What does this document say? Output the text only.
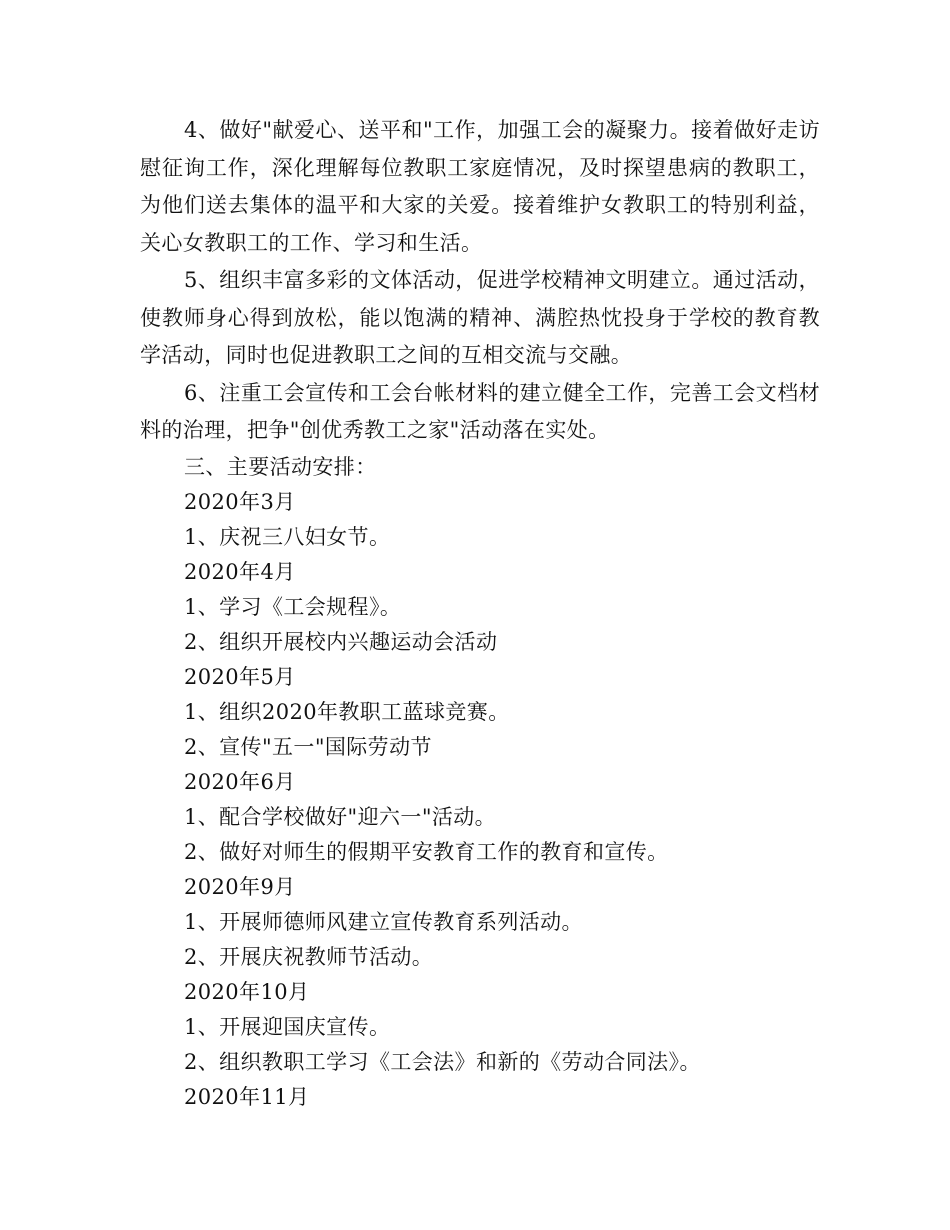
4、做好"献爱心、送平和"工作，加强工会的凝聚力。接着做好走访慰征询工作，深化理解每位教职工家庭情况，及时探望患病的教职工，为他们送去集体的温平和大家的关爱。接着维护女教职工的特别利益，关心女教职工的工作、学习和生活。

5、组织丰富多彩的文体活动，促进学校精神文明建立。通过活动，使教师身心得到放松，能以饱满的精神、满腔热忱投身于学校的教育教学活动，同时也促进教职工之间的互相交流与交融。

6、注重工会宣传和工会台帐材料的建立健全工作，完善工会文档材料的治理，把争"创优秀教工之家"活动落在实处。

三、主要活动安排：

2020年3月

1、庆祝三八妇女节。

2020年4月

1、学习《工会规程》。

2、组织开展校内兴趣运动会活动

2020年5月

1、组织2020年教职工蓝球竞赛。

2、宣传"五一"国际劳动节

2020年6月

1、配合学校做好"迎六一"活动。

2、做好对师生的假期平安教育工作的教育和宣传。

2020年9月

1、开展师德师风建立宣传教育系列活动。

2、开展庆祝教师节活动。

2020年10月

1、开展迎国庆宣传。

2、组织教职工学习《工会法》和新的《劳动合同法》。

2020年11月
